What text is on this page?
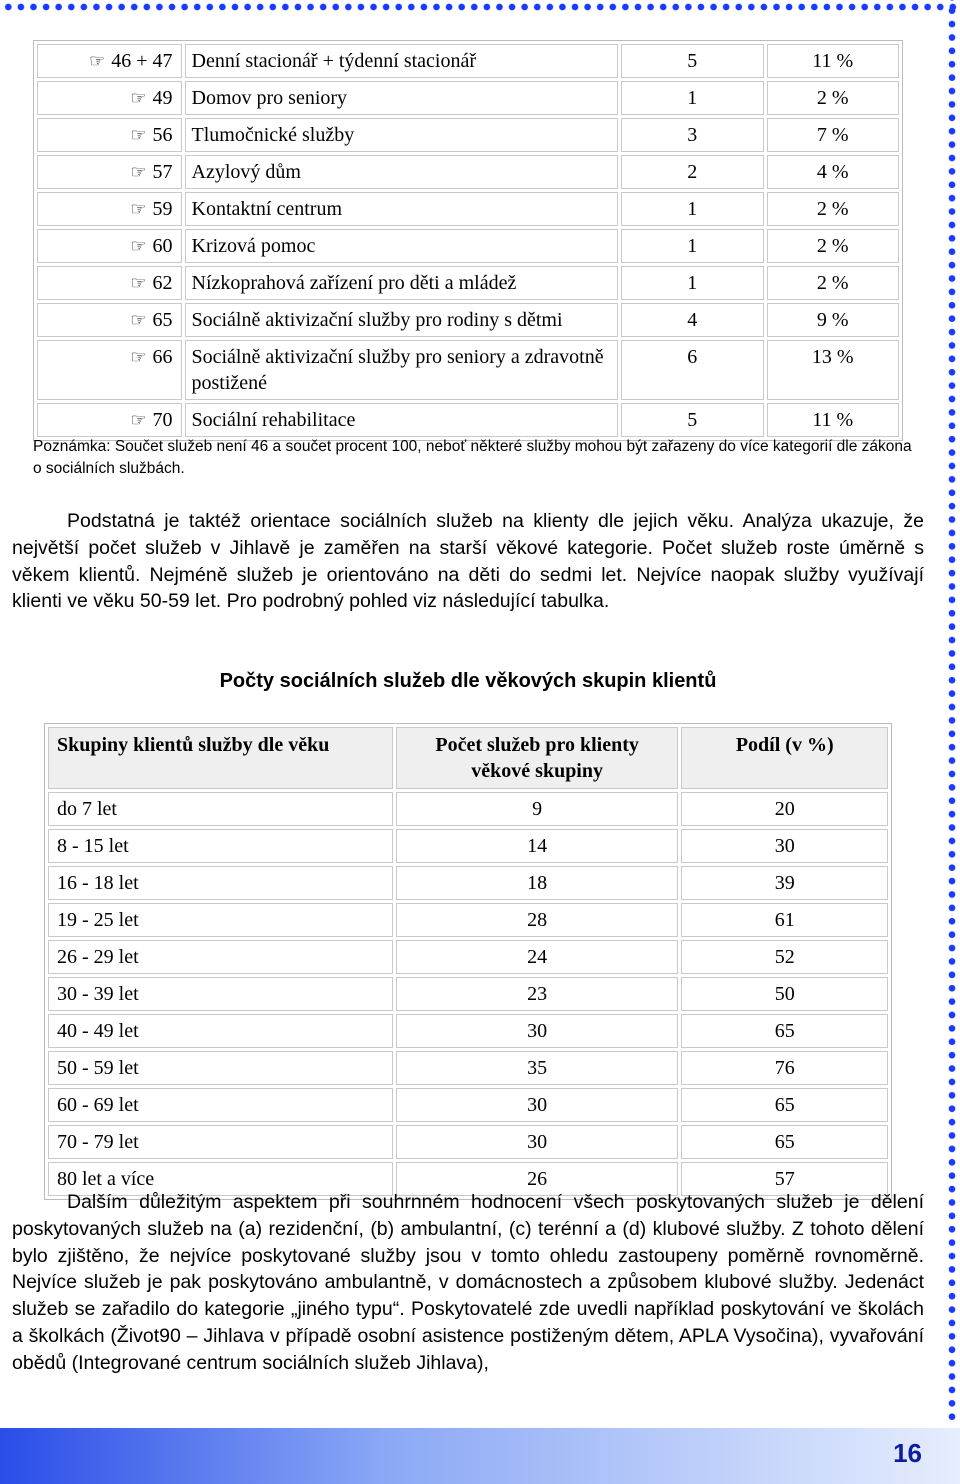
☞ 46 + 47	Denní stacionář + týdenní stacionář	5	11 %
☞ 49	Domov pro seniory	1	2 %
☞ 56	Tlumočnické služby	3	7 %
☞ 57	Azylový dům	2	4 %
☞ 59	Kontaktní centrum	1	2 %
☞ 60	Krizová pomoc	1	2 %
☞ 62	Nízkoprahová zařízení pro děti a mládež	1	2 %
☞ 65	Sociálně aktivizační služby pro rodiny s dětmi	4	9 %
☞ 66	Sociálně aktivizační služby pro seniory a zdravotně postižené	6	13 %
☞ 70	Sociální rehabilitace	5	11 %
Poznámka: Součet služeb není 46 a součet procent 100, neboť některé služby mohou být zařazeny do více kategorií dle zákona o sociálních službách.
Podstatná je taktéž orientace sociálních služeb na klienty dle jejich věku. Analýza ukazuje, že největší počet služeb v Jihlavě je zaměřen na starší věkové kategorie. Počet služeb roste úměrně s věkem klientů. Nejméně služeb je orientováno na děti do sedmi let. Nejvíce naopak služby využívají klienti ve věku 50-59 let. Pro podrobný pohled viz následující tabulka.
Počty sociálních služeb dle věkových skupin klientů
Skupiny klientů služby dle věku	Počet služeb pro klienty věkové skupiny	Podíl (v %)
do 7 let	9	20
8 - 15 let	14	30
16 - 18 let	18	39
19 - 25 let	28	61
26 - 29 let	24	52
30 - 39 let	23	50
40 - 49 let	30	65
50 - 59 let	35	76
60 - 69 let	30	65
70 - 79 let	30	65
80 let a více	26	57
Dalším důležitým aspektem při souhrnném hodnocení všech poskytovaných služeb je dělení poskytovaných služeb na (a) rezidenční, (b) ambulantní, (c) terénní a (d) klubové služby. Z tohoto dělení bylo zjištěno, že nejvíce poskytované služby jsou v tomto ohledu zastoupeny poměrně rovnoměrně. Nejvíce služeb je pak poskytováno ambulantně, v domácnostech a způsobem klubové služby. Jedenáct služeb se zařadilo do kategorie „jiného typu“. Poskytovatelé zde uvedli například poskytování ve školách a školkách (Život90 – Jihlava v případě osobní asistence postiženým dětem, APLA Vysočina), vyvařování obědů (Integrované centrum sociálních služeb Jihlava),
16
